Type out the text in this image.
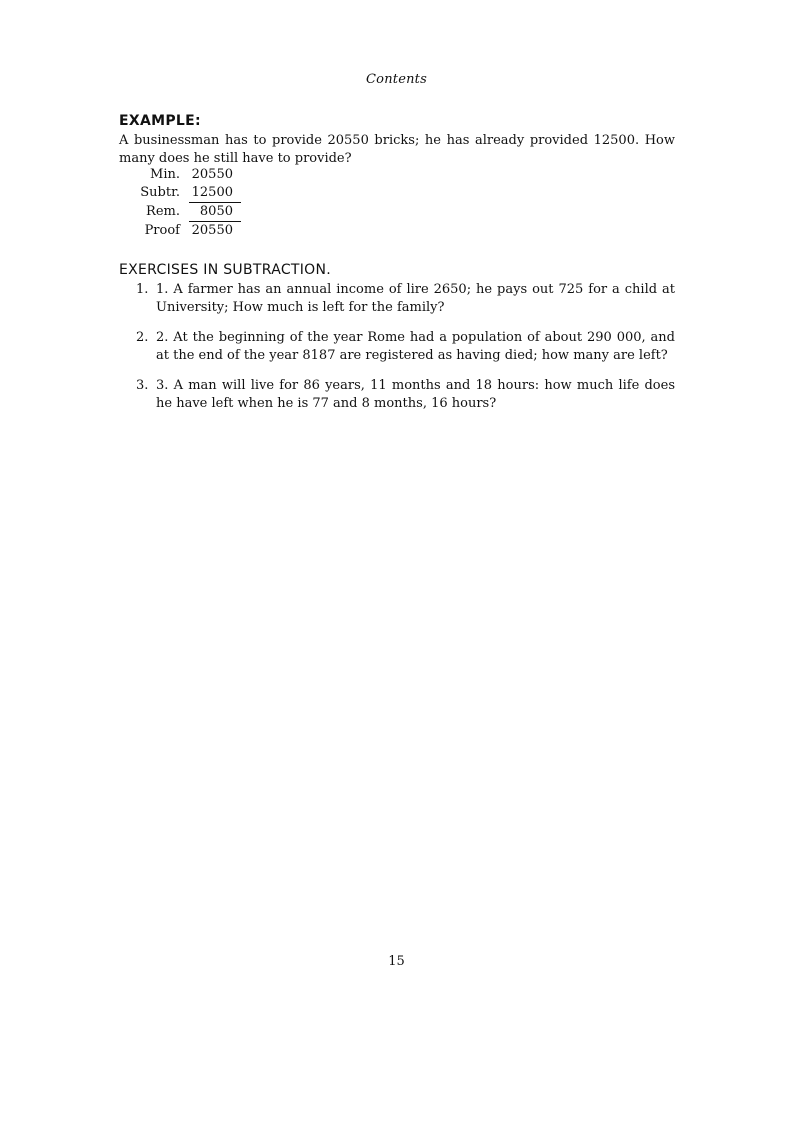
Contents
EXAMPLE:
A businessman has to provide 20550 bricks; he has already provided 12500. How many does he still have to provide?
Min.	20550
Subtr.	12500
Rem.	8050
Proof	20550
EXERCISES IN SUBTRACTION.
1. 1. A farmer has an annual income of lire 2650; he pays out 725 for a child at University; How much is left for the family?
2. 2. At the beginning of the year Rome had a population of about 290 000, and at the end of the year 8187 are registered as having died; how many are left?
3. 3. A man will live for 86 years, 11 months and 18 hours: how much life does he have left when he is 77 and 8 months, 16 hours?
15
